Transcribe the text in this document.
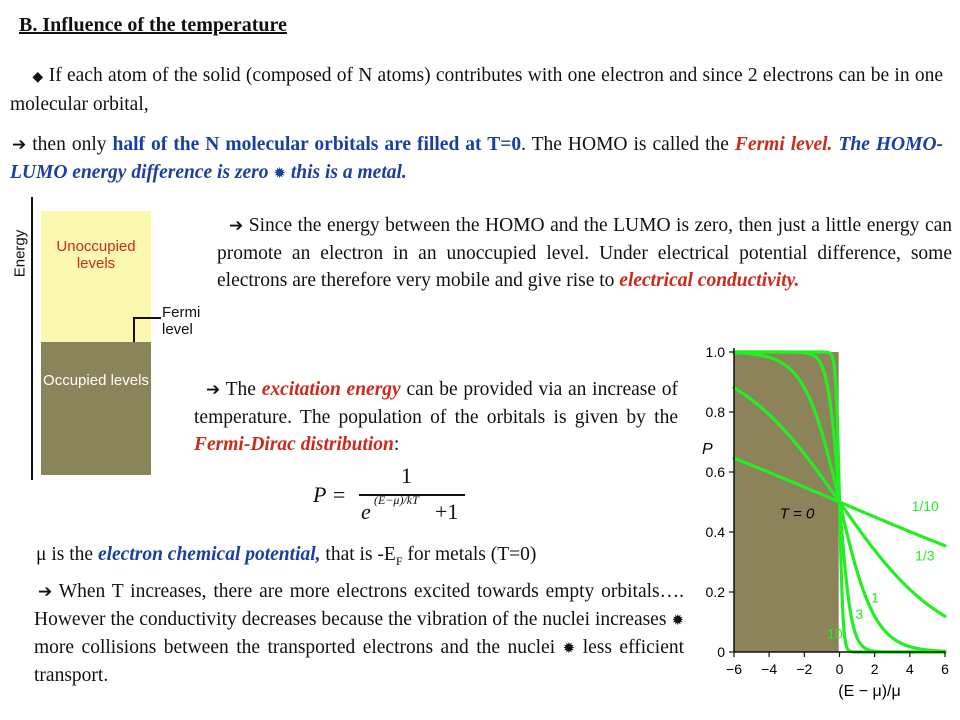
B. Influence of the temperature
◆ If each atom of the solid (composed of N atoms) contributes with one electron and since 2 electrons can be in one molecular orbital,
➔ then only half of the N molecular orbitals are filled at T=0. The HOMO is called the Fermi level. The HOMO-LUMO energy difference is zero ✹ this is a metal.
Energy	Unoccupied levels
Occupied levels
Fermi level
➔ Since the energy between the HOMO and the LUMO is zero, then just a little energy can promote an electron in an unoccupied level. Under electrical potential difference, some electrons are therefore very mobile and give rise to electrical conductivity.
➔ The excitation energy can be provided via an increase of temperature. The population of the orbitals is given by the Fermi-Dirac distribution:
P =
1
e (E−μ)/kT +1
μ is the electron chemical potential, that is $-E_F$ for metals (T=0)
➔ When T increases, there are more electrons excited towards empty orbitals…. However the conductivity decreases because the vibration of the nuclei increases ✹ more collisions between the transported electrons and the nuclei ✹ less efficient transport.
0
0.2
0.4
0.6
0.8
1.0
−6 −4 −2 0 2 4 6
P
(E − μ)/μ
T = 0	1/10
1/3
1
3
10
